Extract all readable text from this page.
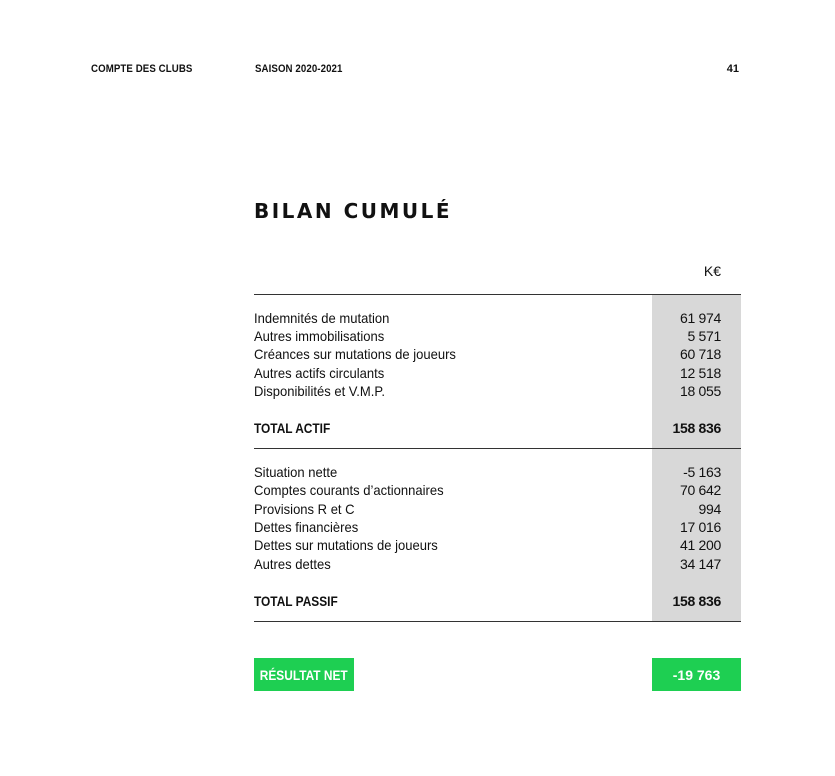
COMPTE DES CLUBS	SAISON 2020-2021	41
BILAN CUMULÉ
K€
Indemnités de mutation	61 974
Autres immobilisations	5 571
Créances sur mutations de joueurs	60 718
Autres actifs circulants	12 518
Disponibilités et V.M.P.	18 055
TOTAL ACTIF	158 836
Situation nette	-5 163
Comptes courants d’actionnaires	70 642
Provisions R et C	994
Dettes financières	17 016
Dettes sur mutations de joueurs	41 200
Autres dettes	34 147
TOTAL PASSIF	158 836
RÉSULTAT NET	-19 763
